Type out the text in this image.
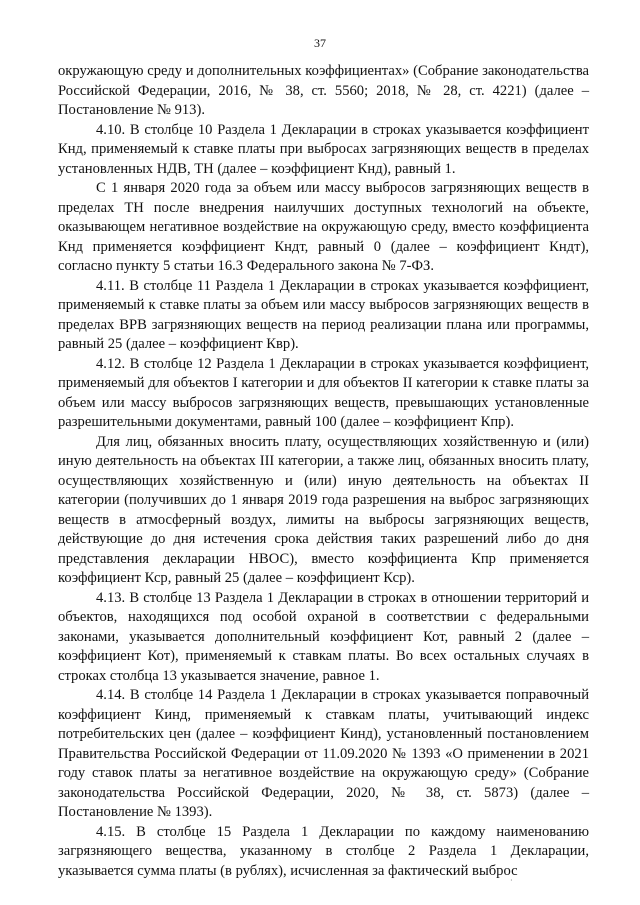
37

окружающую среду и дополнительных коэффициентах» (Собрание законодательства Российской Федерации, 2016, № 38, ст. 5560; 2018, № 28, ст. 4221) (далее – Постановление № 913).

4.10. В столбце 10 Раздела 1 Декларации в строках указывается коэффициент Кнд, применяемый к ставке платы при выбросах загрязняющих веществ в пределах установленных НДВ, ТН (далее – коэффициент Кнд), равный 1.

С 1 января 2020 года за объем или массу выбросов загрязняющих веществ в пределах ТН после внедрения наилучших доступных технологий на объекте, оказывающем негативное воздействие на окружающую среду, вместо коэффициента Кнд применяется коэффициент Кндт, равный 0 (далее – коэффициент Кндт), согласно пункту 5 статьи 16.3 Федерального закона № 7-ФЗ.

4.11. В столбце 11 Раздела 1 Декларации в строках указывается коэффициент, применяемый к ставке платы за объем или массу выбросов загрязняющих веществ в пределах ВРВ загрязняющих веществ на период реализации плана или программы, равный 25 (далее – коэффициент Квр).

4.12. В столбце 12 Раздела 1 Декларации в строках указывается коэффициент, применяемый для объектов I категории и для объектов II категории к ставке платы за объем или массу выбросов загрязняющих веществ, превышающих установленные разрешительными документами, равный 100 (далее – коэффициент Кпр).

Для лиц, обязанных вносить плату, осуществляющих хозяйственную и (или) иную деятельность на объектах III категории, а также лиц, обязанных вносить плату, осуществляющих хозяйственную и (или) иную деятельность на объектах II категории (получивших до 1 января 2019 года разрешения на выброс загрязняющих веществ в атмосферный воздух, лимиты на выбросы загрязняющих веществ, действующие до дня истечения срока действия таких разрешений либо до дня представления декларации НВОС), вместо коэффициента Кпр применяется коэффициент Кср, равный 25 (далее – коэффициент Кср).

4.13. В столбце 13 Раздела 1 Декларации в строках в отношении территорий и объектов, находящихся под особой охраной в соответствии с федеральными законами, указывается дополнительный коэффициент Кот, равный 2 (далее – коэффициент Кот), применяемый к ставкам платы. Во всех остальных случаях в строках столбца 13 указывается значение, равное 1.

4.14. В столбце 14 Раздела 1 Декларации в строках указывается поправочный коэффициент Кинд, применяемый к ставкам платы, учитывающий индекс потребительских цен (далее – коэффициент Кинд), установленный постановлением Правительства Российской Федерации от 11.09.2020 № 1393 «О применении в 2021 году ставок платы за негативное воздействие на окружающую среду» (Собрание законодательства Российской Федерации, 2020, № 38, ст. 5873) (далее – Постановление № 1393).

4.15. В столбце 15 Раздела 1 Декларации по каждому наименованию загрязняющего вещества, указанному в столбце 2 Раздела 1 Декларации, указывается сумма платы (в рублях), исчисленная за фактический выброс

·
